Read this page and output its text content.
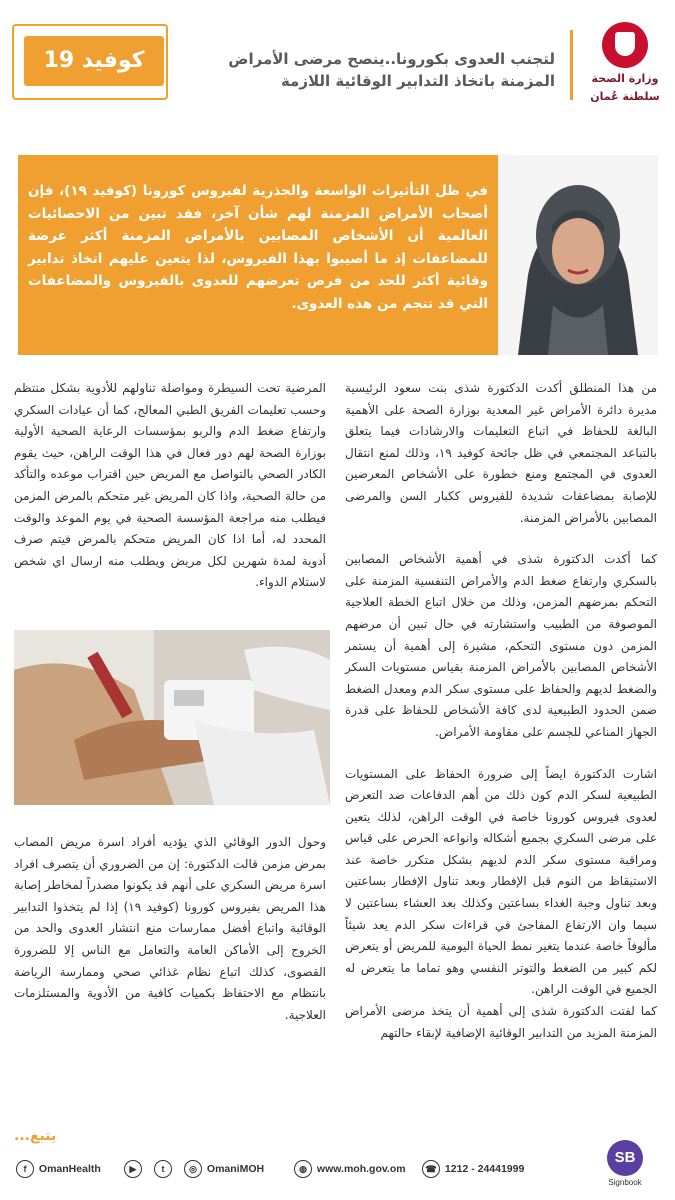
وزارة الصحة
سلطنة عُمان
لتجنب العدوى بكورونا..ينصح مرضى الأمراض المزمنة باتخاذ التدابير الوقائية اللازمة
كوفيد 19
في ظل التأثيرات الواسعة والجذرية لفيروس كورونا (كوفيد ١٩)، فإن أصحاب الأمراض المزمنة لهم شأن آخر، فقد تبين من الاحصائيات العالمية أن الأشخاص المصابين بالأمراض المزمنة أكثر عرضة للمضاعفات إذ ما أصيبوا بهذا الفيروس، لذا يتعين عليهم اتخاذ تدابير وقائية أكثر للحد من فرص تعرضهم للعدوى بالفيروس والمضاعفات التي قد تنجم من هذه العدوى.

من هذا المنطلق أكدت الدكتورة شذى بنت سعود الرئيسية مديرة دائرة الأمراض غير المعدية بوزارة الصحة على الأهمية البالغة للحفاظ في اتباع التعليمات والارشادات فيما يتعلق بالتباعد المجتمعي في ظل جائحة كوفيد ١٩، وذلك لمنع انتقال العدوى في المجتمع ومنع خطورة على الأشخاص المعرضين للإصابة بمضاعفات شديدة للفيروس ككبار السن والمرضى المصابين بالأمراض المزمنة.

كما أكدت الدكتورة شذى في أهمية الأشخاص المصابين بالسكري وارتفاع ضغط الدم والأمراض التنفسية المزمنة على التحكم بمرضهم المزمن، وذلك من خلال اتباع الخطة العلاجية الموصوفة من الطبيب واستشارته في حال تبين أن مرضهم المزمن دون مستوى التحكم، مشيرة إلى أهمية أن يستمر الأشخاص المصابين بالأمراض المزمنة بقياس مستويات السكر والضغط لديهم والحفاظ على مستوى سكر الدم ومعدل الضغط ضمن الحدود الطبيعية لدى كافة الأشخاص للحفاظ على قدرة الجهاز المناعي للجسم على مقاومة الأمراض.

اشارت الدكتورة ايضاً إلى ضرورة الحفاظ على المستويات الطبيعية لسكر الدم كون ذلك من أهم الدفاعات ضد التعرض لعدوى فيروس كورونا خاصة في الوقت الراهن، لذلك يتعين على مرضى السكري بجميع أشكاله وانواعه الحرص على قياس ومراقبة مستوى سكر الدم لديهم بشكل متكرر خاصة عند الاستيقاظ من النوم قبل الإفطار وبعد تناول الإفطار بساعتين وبعد تناول وجبة الغداء بساعتين وكذلك بعد العشاء بساعتين لا سيما وان الارتفاع المفاجئ في قراءات سكر الدم يعد شيئاً مألوفاً خاصة عندما يتغير نمط الحياة اليومية للمريض أو يتعرض لكم كبير من الضغط والتوتر النفسي وهو تماما ما يتعرض له الجميع في الوقت الراهن.

كما لفتت الدكتورة شذى إلى أهمية أن يتخذ مرضى الأمراض المزمنة المزيد من التدابير الوقائية الإضافية لإبقاء حالتهم

المرضية تحت السيطرة ومواصلة تناولهم للأدوية بشكل منتظم وحسب تعليمات الفريق الطبي المعالج، كما أن عيادات السكري وارتفاع ضغط الدم والربو بمؤسسات الرعاية الصحية الأولية بوزارة الصحة لهم دور فعال في هذا الوقت الراهن، حيث يقوم الكادر الصحي بالتواصل مع المريض حين اقتراب موعده والتأكد من حالة الصحية، واذا كان المريض غير متحكم بالمرض المزمن فيطلب منه مراجعة المؤسسة الصحية في يوم الموعد والوقت المحدد له، أما اذا كان المريض متحكم بالمرض فيتم صرف أدوية لمدة شهرين لكل مريض ويطلب منه ارسال اي شخص لاستلام الدواء.

وحول الدور الوقائي الذي يؤديه أفراد اسرة مريض المصاب بمرض مزمن قالت الدكتورة: إن من الضروري أن يتصرف افراد اسرة مريض السكري على أنهم قد يكونوا مصدراً لمخاطر إصابة هذا المريض بفيروس كورونا (كوفيد ١٩) إذا لم يتخذوا التدابير الوقائية واتباع أفضل ممارسات منع انتشار العدوى والحد من الخروج إلى الأماكن العامة والتعامل مع الناس إلا للضرورة القصوى، كذلك اتباع نظام غذائي صحي وممارسة الرياضة بانتظام مع الاحتفاظ بكميات كافية من الأدوية والمستلزمات العلاجية.

يتبع...
f OmanHealth	▶	t	◎ OmaniMOH	◍ www.moh.gov.om	☎ 1212 - 24441999
SB
Signbook
